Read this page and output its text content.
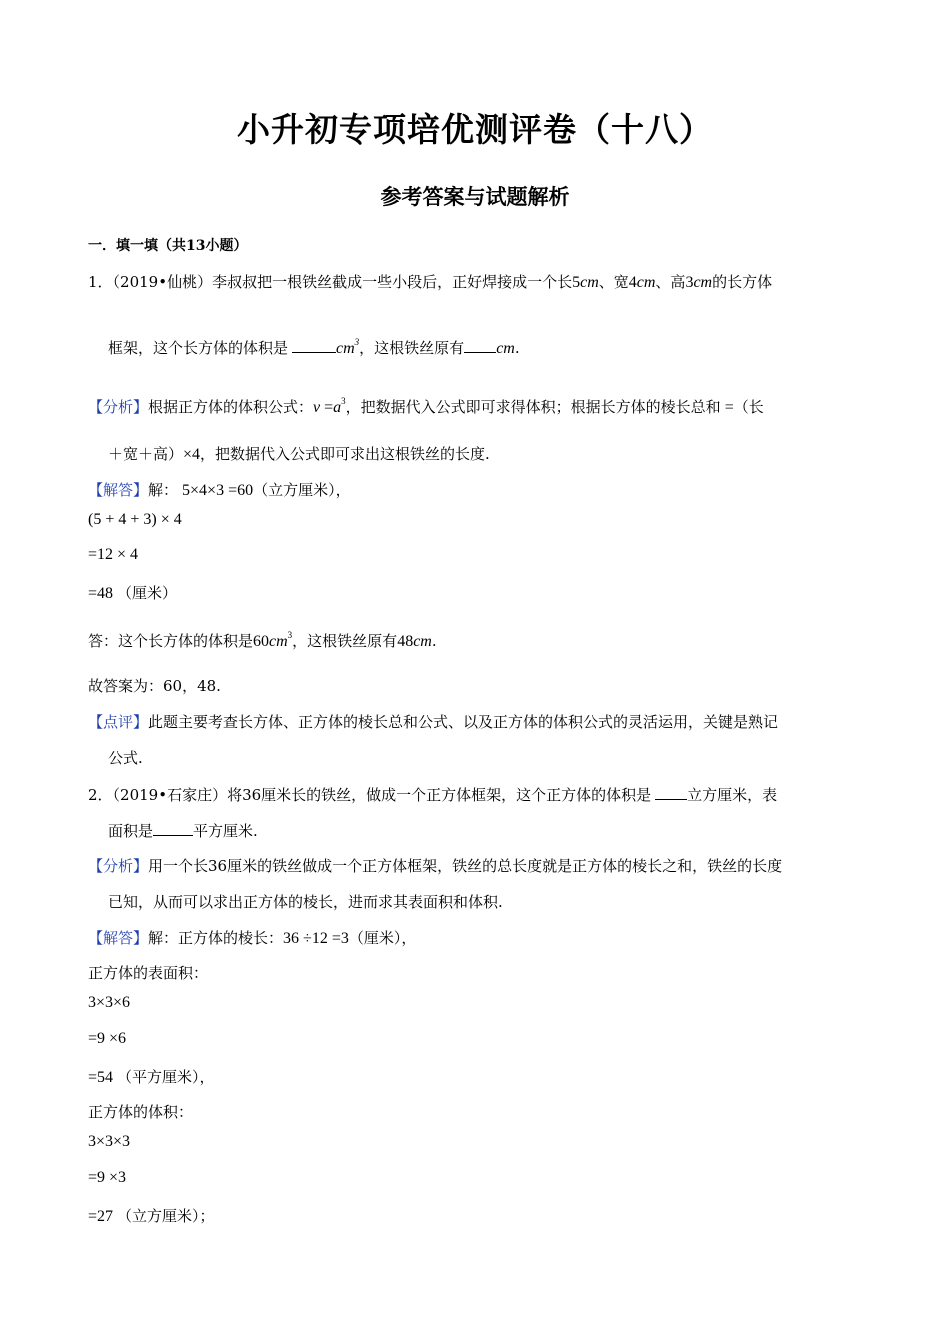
小升初专项培优测评卷（十八）
参考答案与试题解析
一．填一填（共13小题）
1．（2019•仙桃）李叔叔把一根铁丝截成一些小段后，正好焊接成一个长5cm、宽4cm、高3cm的长方体
框架，这个长方体的体积是	$cm^3$，这根铁丝原有 cm.
【分析】根据正方体的体积公式：$v =a^3$，把数据代入公式即可求得体积；根据长方体的棱长总和 =（长
＋宽＋高）×4，把数据代入公式即可求出这根铁丝的长度.
【解答】解： 5×4×3 =60（立方厘米），
(5 + 4 + 3) × 4
=12 × 4
=48 （厘米）
答：这个长方体的体积是$60cm^3$，这根铁丝原有48cm.
故答案为：60，48.
【点评】此题主要考查长方体、正方体的棱长总和公式、以及正方体的体积公式的灵活运用，关键是熟记
公式.
2．（2019•石家庄）将36厘米长的铁丝，做成一个正方体框架，这个正方体的体积是 立方厘米，表
面积是	平方厘米.
【分析】用一个长36厘米的铁丝做成一个正方体框架，铁丝的总长度就是正方体的棱长之和，铁丝的长度
已知，从而可以求出正方体的棱长，进而求其表面积和体积.
【解答】解：正方体的棱长：36 ÷12 =3（厘米），
正方体的表面积：
3×3×6
=9 ×6
=54 （平方厘米），
正方体的体积：
3×3×3
=9 ×3
=27 （立方厘米）；
